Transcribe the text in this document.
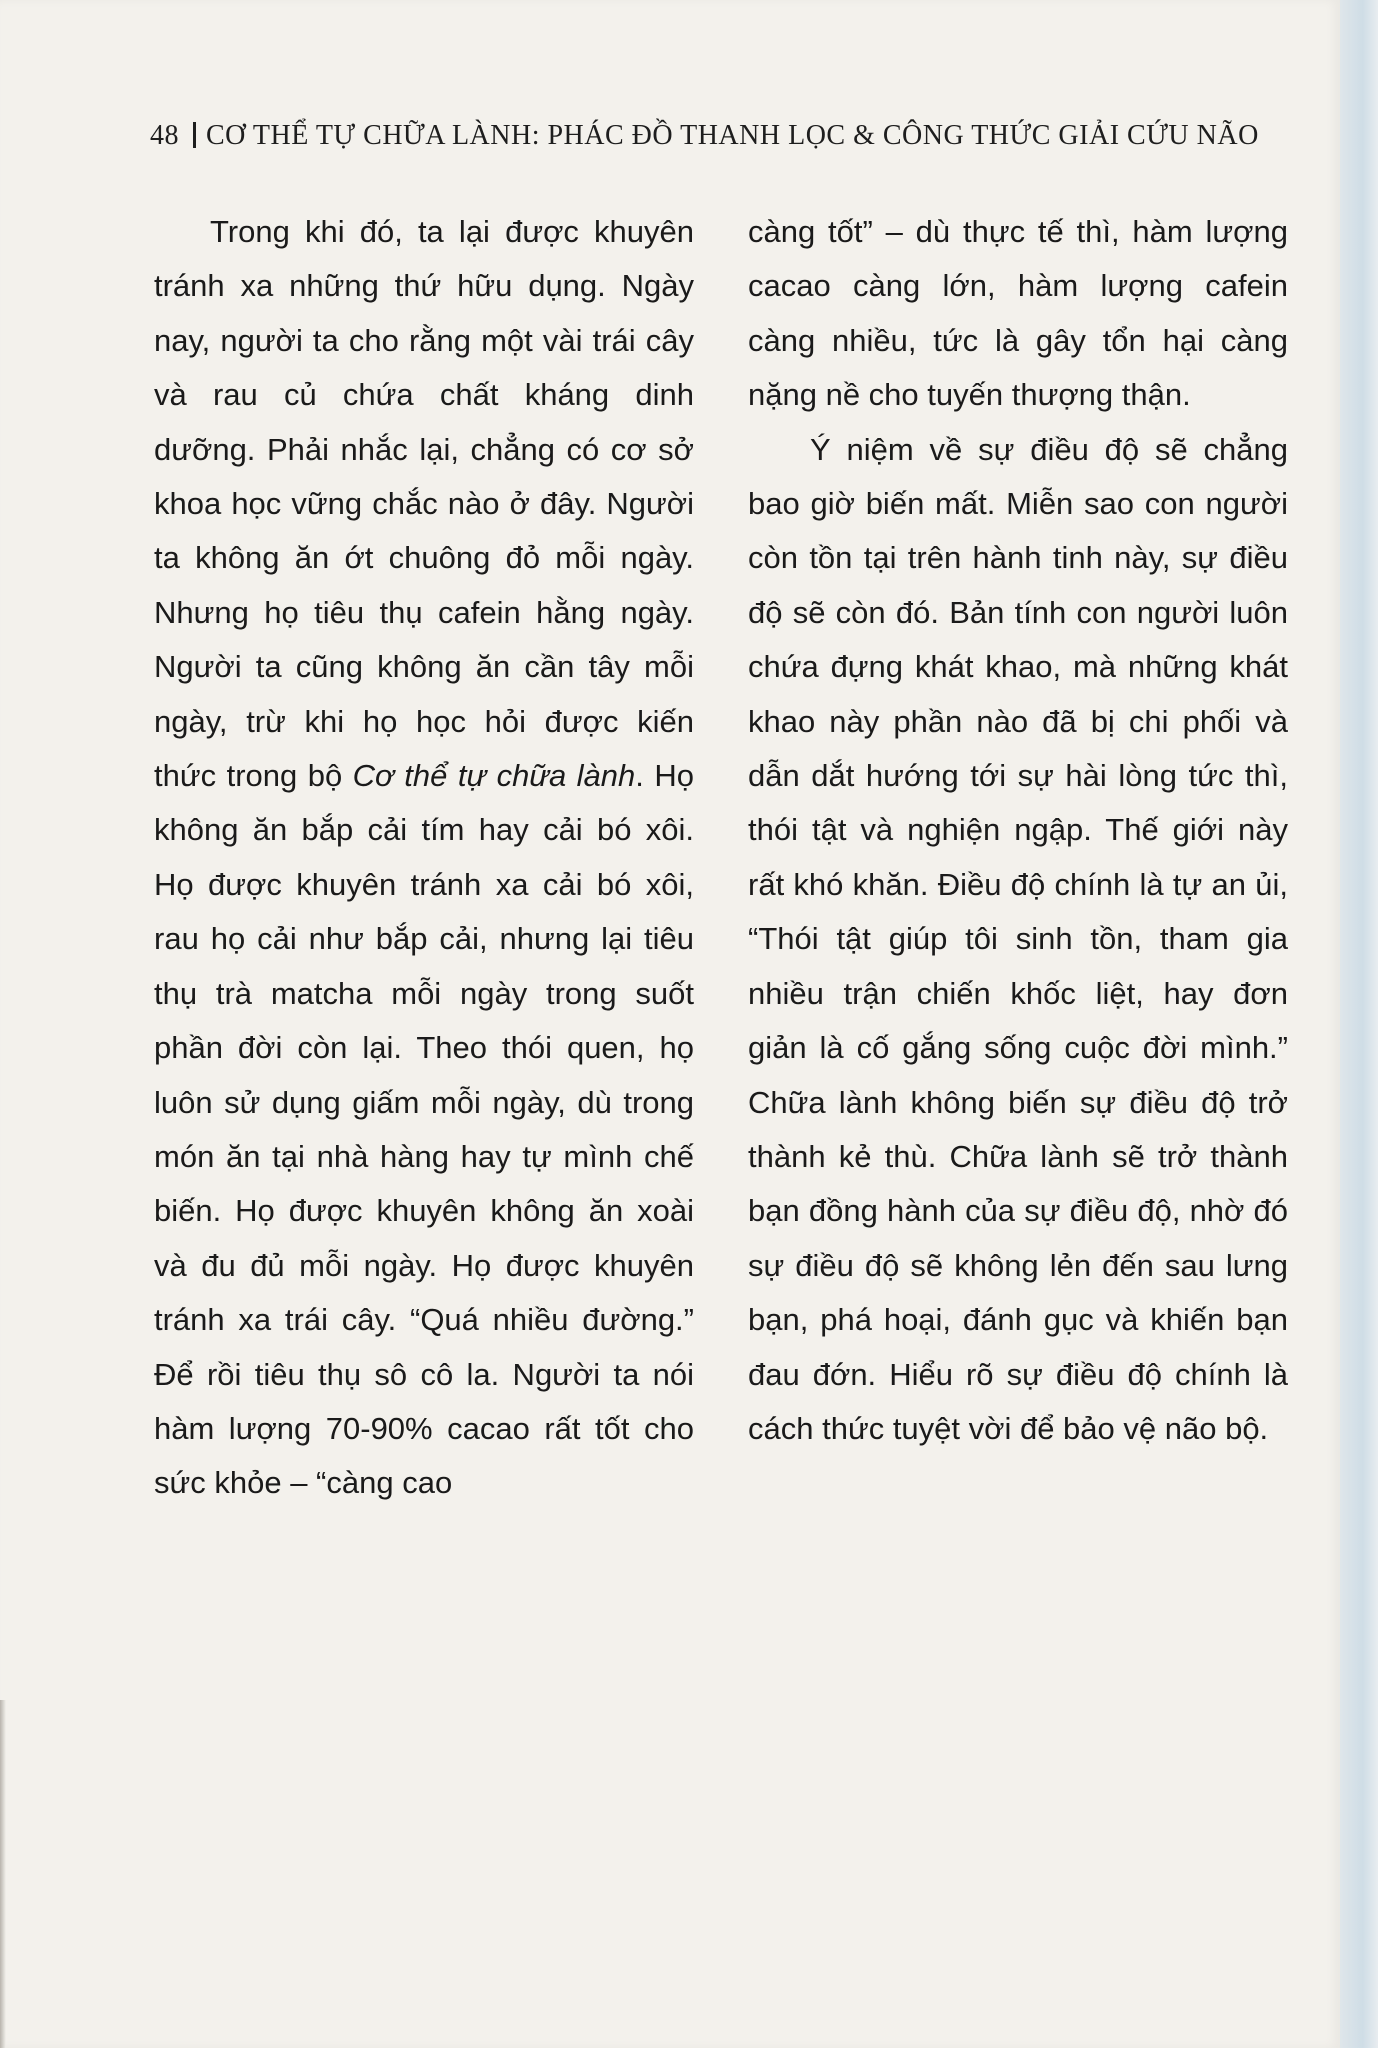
48 CƠ THỂ TỰ CHỮA LÀNH: PHÁC ĐỒ THANH LỌC & CÔNG THỨC GIẢI CỨU NÃO

Trong khi đó, ta lại được khuyên tránh xa những thứ hữu dụng. Ngày nay, người ta cho rằng một vài trái cây và rau củ chứa chất kháng dinh dưỡng. Phải nhắc lại, chẳng có cơ sở khoa học vững chắc nào ở đây. Người ta không ăn ớt chuông đỏ mỗi ngày. Nhưng họ tiêu thụ cafein hằng ngày. Người ta cũng không ăn cần tây mỗi ngày, trừ khi họ học hỏi được kiến thức trong bộ Cơ thể tự chữa lành. Họ không ăn bắp cải tím hay cải bó xôi. Họ được khuyên tránh xa cải bó xôi, rau họ cải như bắp cải, nhưng lại tiêu thụ trà matcha mỗi ngày trong suốt phần đời còn lại. Theo thói quen, họ luôn sử dụng giấm mỗi ngày, dù trong món ăn tại nhà hàng hay tự mình chế biến. Họ được khuyên không ăn xoài và đu đủ mỗi ngày. Họ được khuyên tránh xa trái cây. “Quá nhiều đường.” Để rồi tiêu thụ sô cô la. Người ta nói hàm lượng 70-90% cacao rất tốt cho sức khỏe – “càng cao

càng tốt” – dù thực tế thì, hàm lượng cacao càng lớn, hàm lượng cafein càng nhiều, tức là gây tổn hại càng nặng nề cho tuyến thượng thận.

Ý niệm về sự điều độ sẽ chẳng bao giờ biến mất. Miễn sao con người còn tồn tại trên hành tinh này, sự điều độ sẽ còn đó. Bản tính con người luôn chứa đựng khát khao, mà những khát khao này phần nào đã bị chi phối và dẫn dắt hướng tới sự hài lòng tức thì, thói tật và nghiện ngập. Thế giới này rất khó khăn. Điều độ chính là tự an ủi, “Thói tật giúp tôi sinh tồn, tham gia nhiều trận chiến khốc liệt, hay đơn giản là cố gắng sống cuộc đời mình.” Chữa lành không biến sự điều độ trở thành kẻ thù. Chữa lành sẽ trở thành bạn đồng hành của sự điều độ, nhờ đó sự điều độ sẽ không lẻn đến sau lưng bạn, phá hoại, đánh gục và khiến bạn đau đớn. Hiểu rõ sự điều độ chính là cách thức tuyệt vời để bảo vệ não bộ.
